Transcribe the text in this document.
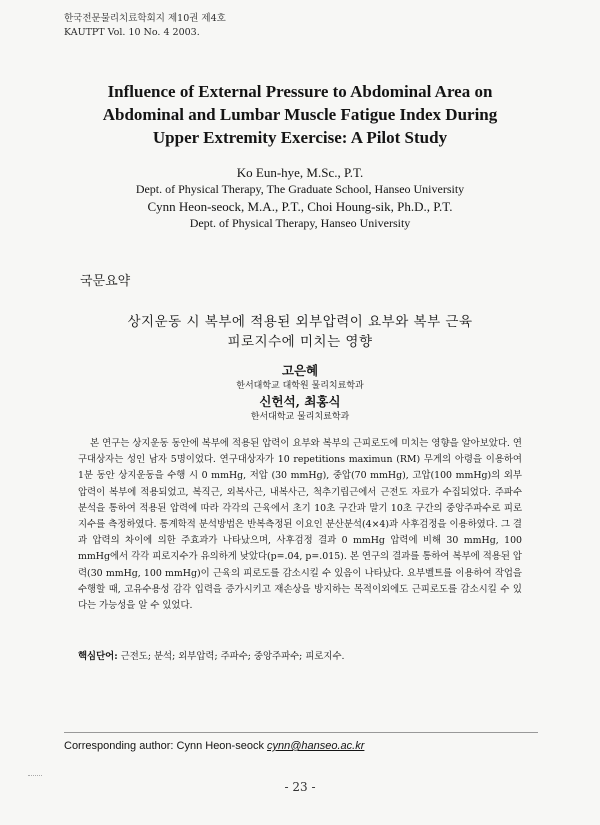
한국전문물리치료학회지 제10권 제4호
KAUTPT Vol. 10 No. 4 2003.
Influence of External Pressure to Abdominal Area on
Abdominal and Lumbar Muscle Fatigue Index During
Upper Extremity Exercise: A Pilot Study
Ko Eun-hye, M.Sc., P.T.
Dept. of Physical Therapy, The Graduate School, Hanseo University
Cynn Heon-seock, M.A., P.T., Choi Houng-sik, Ph.D., P.T.
Dept. of Physical Therapy, Hanseo University
국문요약
상지운동 시 복부에 적용된 외부압력이 요부와 복부 근육
피로지수에 미치는 영향
고은혜
한서대학교 대학원 물리치료학과
신헌석, 최홍식
한서대학교 물리치료학과
본 연구는 상지운동 동안에 복부에 적용된 압력이 요부와 복부의 근피로도에 미치는 영향을 알아보았다. 연구대상자는 성인 남자 5명이었다. 연구대상자가 10 repetitions maximun (RM) 무게의 아령을 이용하여 1분 동안 상지운동을 수행 시 0 mmHg, 저압 (30 mmHg), 중압(70 mmHg), 고압(100 mmHg)의 외부 압력이 복부에 적용되었고, 복직근, 외복사근, 내복사근, 척추기립근에서 근전도 자료가 수집되었다. 주파수 분석을 통하여 적용된 압력에 따라 각각의 근육에서 초기 10초 구간과 말기 10초 구간의 중앙주파수로 피로지수를 측정하였다. 통계학적 분석방법은 반복측정된 이요인 분산분석(4×4)과 사후검정을 이용하였다. 그 결과 압력의 차이에 의한 주효과가 나타났으며, 사후검정 결과 0 mmHg 압력에 비해 30 mmHg, 100 mmHg에서 각각 피로지수가 유의하게 낮았다(p=.04, p=.015). 본 연구의 결과를 통하여 복부에 적용된 압력(30 mmHg, 100 mmHg)이 근육의 피로도를 감소시킬 수 있음이 나타났다. 요부벨트를 이용하여 작업을 수행할 때, 고유수용성 감각 입력을 증가시키고 재손상을 방지하는 목적이외에도 근피로도를 감소시킬 수 있다는 가능성을 알 수 있었다.
핵심단어: 근전도; 분석; 외부압력; 주파수; 중앙주파수; 피로지수.
Corresponding author: Cynn Heon-seock cynn@hanseo.ac.kr
- 23 -
